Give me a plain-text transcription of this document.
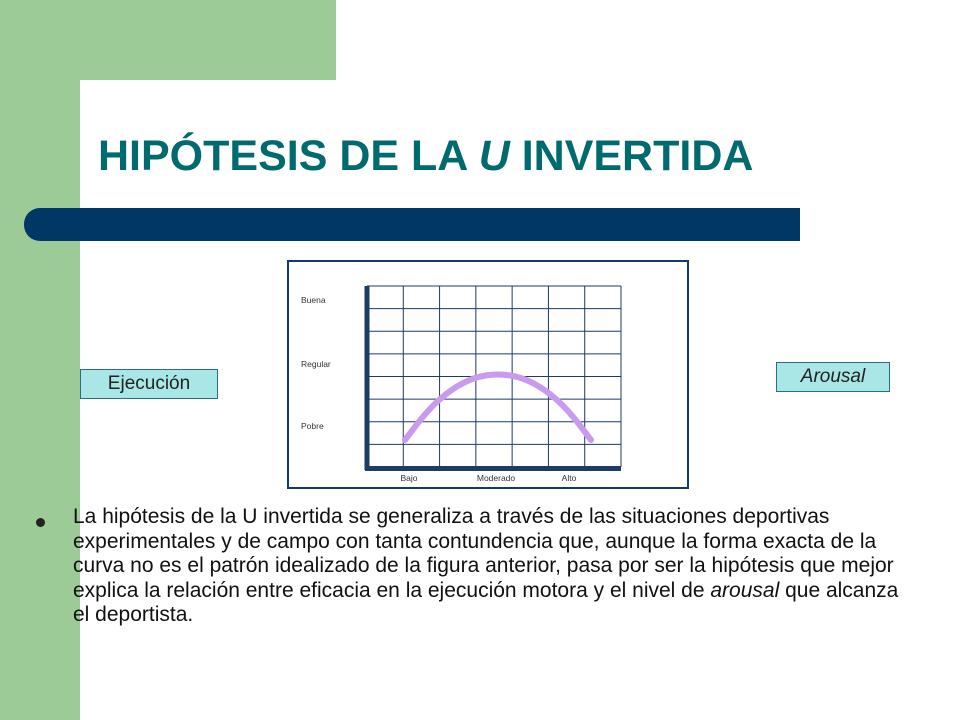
HIPÓTESIS DE LA U INVERTIDA
Buena
Regular
Pobre
Bajo	Moderado	Alto
Ejecución	Arousal

La hipótesis de la U invertida se generaliza a través de las situaciones deportivas experimentales y de campo con tanta contundencia que, aunque la forma exacta de la curva no es el patrón idealizado de la figura anterior, pasa por ser la hipótesis que mejor explica la relación entre eficacia en la ejecución motora y el nivel de arousal que alcanza el deportista.
